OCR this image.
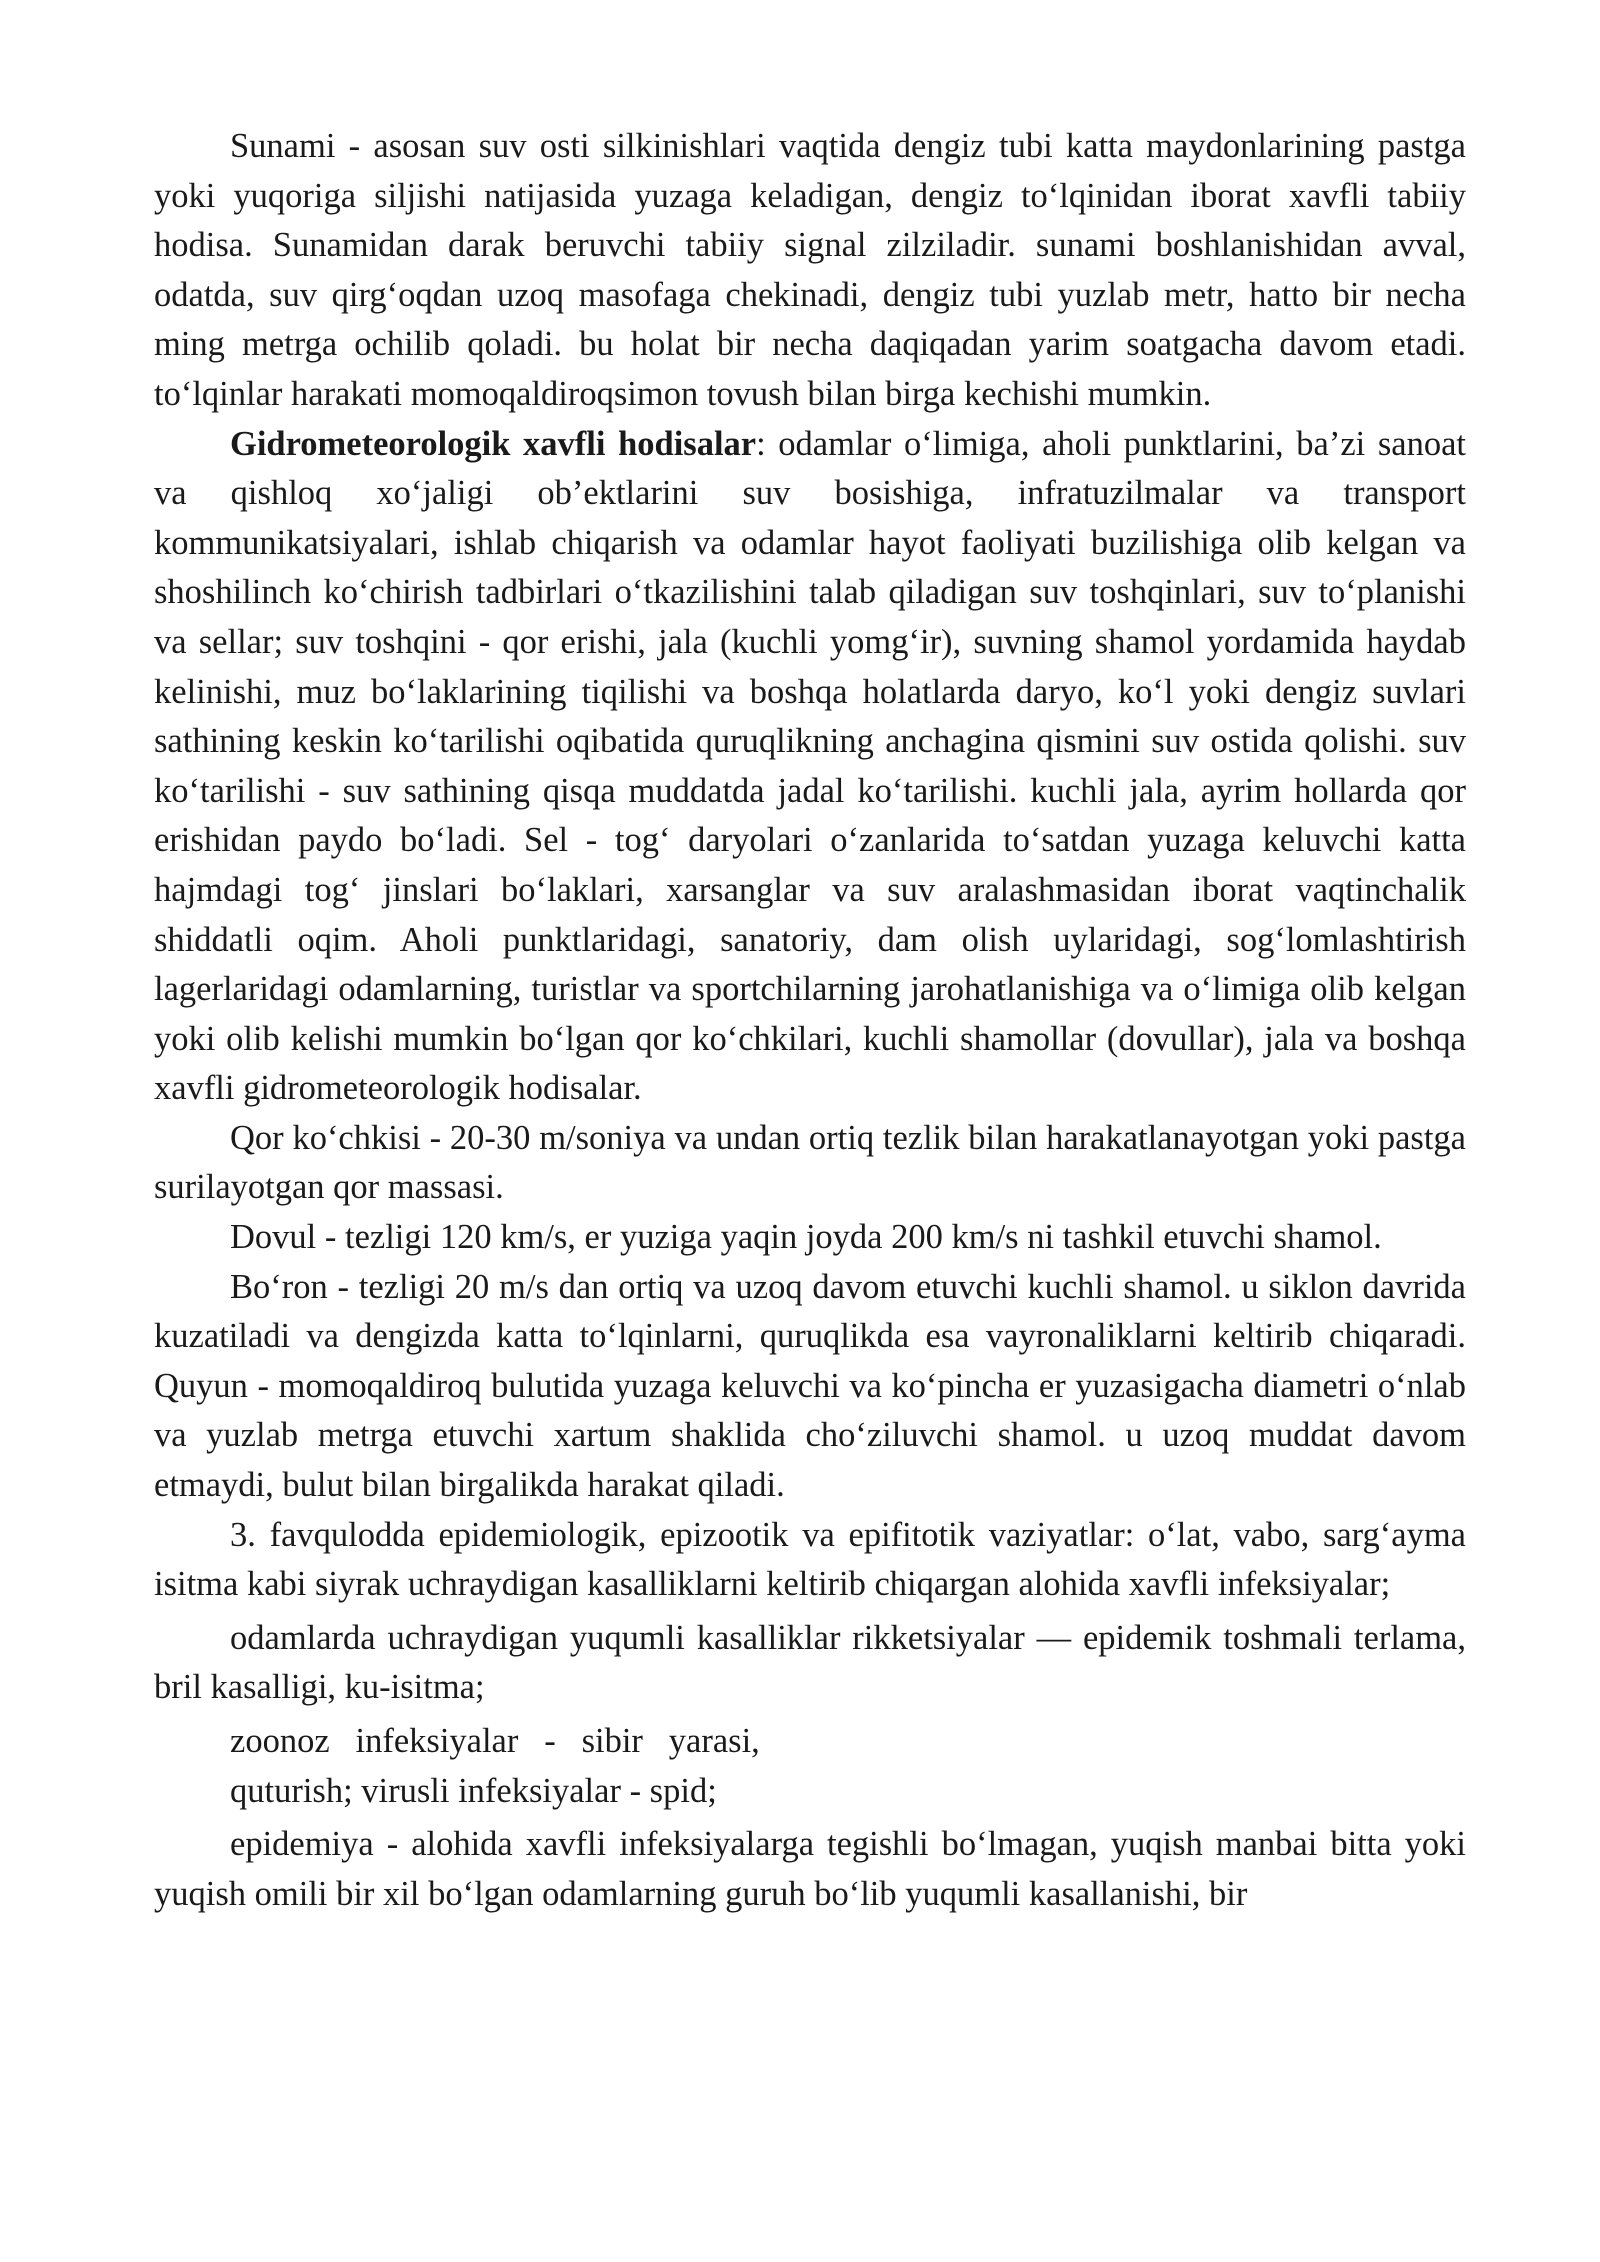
Sunami - asosan suv osti silkinishlari vaqtida dengiz tubi katta maydonlarining pastga yoki yuqoriga siljishi natijasida yuzaga keladigan, dengiz to‘lqinidan iborat xavfli tabiiy hodisa. Sunamidan darak beruvchi tabiiy signal zilziladir. sunami boshlanishidan avval, odatda, suv qirg‘oqdan uzoq masofaga chekinadi, dengiz tubi yuzlab metr, hatto bir necha ming metrga ochilib qoladi. bu holat bir necha daqiqadan yarim soatgacha davom etadi. to‘lqinlar harakati momoqaldiroqsimon tovush bilan birga kechishi mumkin.

Gidrometeorologik xavfli hodisalar: odamlar o‘limiga, aholi punktlarini, ba’zi sanoat va qishloq xo‘jaligi ob’ektlarini suv bosishiga, infratuzilmalar va transport kommunikatsiyalari, ishlab chiqarish va odamlar hayot faoliyati buzilishiga olib kelgan va shoshilinch ko‘chirish tadbirlari o‘tkazilishini talab qiladigan suv toshqinlari, suv to‘planishi va sellar; suv toshqini - qor erishi, jala (kuchli yomg‘ir), suvning shamol yordamida haydab kelinishi, muz bo‘laklarining tiqilishi va boshqa holatlarda daryo, ko‘l yoki dengiz suvlari sathining keskin ko‘tarilishi oqibatida quruqlikning anchagina qismini suv ostida qolishi. suv ko‘tarilishi - suv sathining qisqa muddatda jadal ko‘tarilishi. kuchli jala, ayrim hollarda qor erishidan paydo bo‘ladi. Sel - tog‘ daryolari o‘zanlarida to‘satdan yuzaga keluvchi katta hajmdagi tog‘ jinslari bo‘laklari, xarsanglar va suv aralashmasidan iborat vaqtinchalik shiddatli oqim. Aholi punktlaridagi, sanatoriy, dam olish uylaridagi, sog‘lomlashtirish lagerlaridagi odamlarning, turistlar va sportchilarning jarohatlanishiga va o‘limiga olib kelgan yoki olib kelishi mumkin bo‘lgan qor ko‘chkilari, kuchli shamollar (dovullar), jala va boshqa xavfli gidrometeorologik hodisalar.

Qor ko‘chkisi - 20-30 m/soniya va undan ortiq tezlik bilan harakatlanayotgan yoki pastga surilayotgan qor massasi.

Dovul - tezligi 120 km/s, er yuziga yaqin joyda 200 km/s ni tashkil etuvchi shamol.

Bo‘ron - tezligi 20 m/s dan ortiq va uzoq davom etuvchi kuchli shamol. u siklon davrida kuzatiladi va dengizda katta to‘lqinlarni, quruqlikda esa vayronaliklarni keltirib chiqaradi. Quyun - momoqaldiroq bulutida yuzaga keluvchi va ko‘pincha er yuzasigacha diametri o‘nlab va yuzlab metrga etuvchi xartum shaklida cho‘ziluvchi shamol. u uzoq muddat davom etmaydi, bulut bilan birgalikda harakat qiladi.

3. favqulodda epidemiologik, epizootik va epifitotik vaziyatlar: o‘lat, vabo, sarg‘ayma isitma kabi siyrak uchraydigan kasalliklarni keltirib chiqargan alohida xavfli infeksiyalar;

odamlarda uchraydigan yuqumli kasalliklar rikketsiyalar — epidemik toshmali terlama, bril kasalligi, ku-isitma;

zoonoz   infeksiyalar   -   sibir   yarasi,

quturish; virusli infeksiyalar - spid;

epidemiya - alohida xavfli infeksiyalarga tegishli bo‘lmagan, yuqish manbai bitta yoki yuqish omili bir xil bo‘lgan odamlarning guruh bo‘lib yuqumli kasallanishi, bir
